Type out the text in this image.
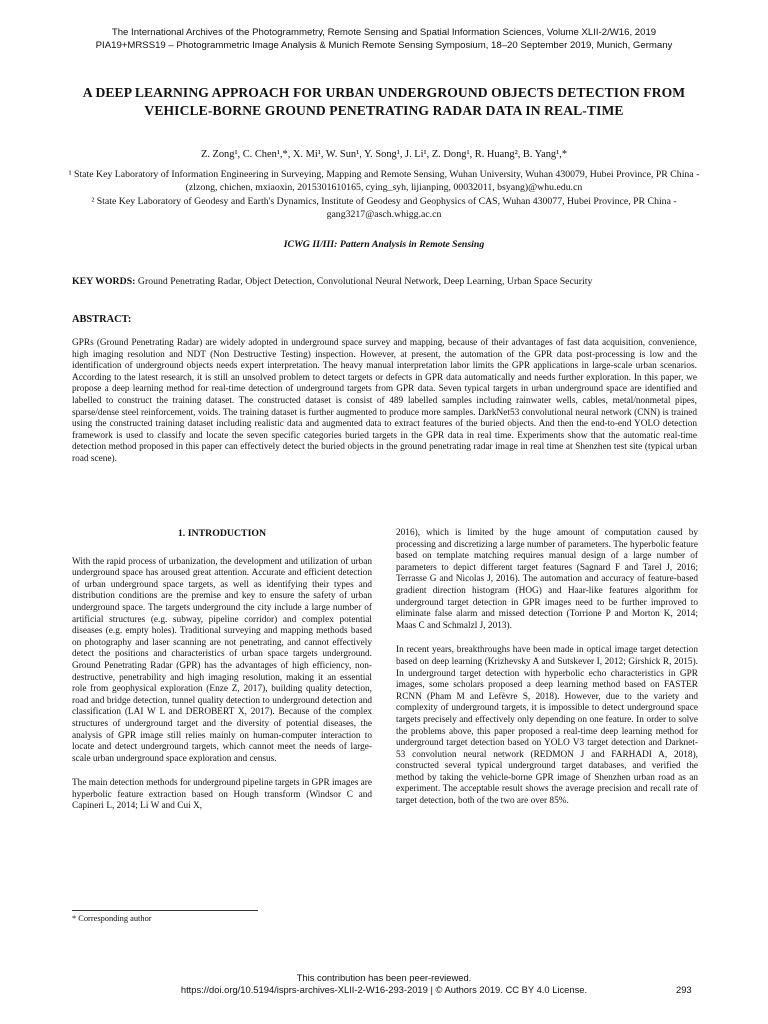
The International Archives of the Photogrammetry, Remote Sensing and Spatial Information Sciences, Volume XLII-2/W16, 2019
PIA19+MRSS19 – Photogrammetric Image Analysis & Munich Remote Sensing Symposium, 18–20 September 2019, Munich, Germany
A DEEP LEARNING APPROACH FOR URBAN UNDERGROUND OBJECTS DETECTION FROM VEHICLE-BORNE GROUND PENETRATING RADAR DATA IN REAL-TIME
Z. Zong¹, C. Chen¹,*, X. Mi¹, W. Sun¹, Y. Song¹, J. Li¹, Z. Dong¹, R. Huang², B. Yang¹,*
¹ State Key Laboratory of Information Engineering in Surveying, Mapping and Remote Sensing, Wuhan University, Wuhan 430079, Hubei Province, PR China - (zlzong, chichen, mxiaoxin, 2015301610165, cying_syh, lijianping, 00032011, bsyang)@whu.edu.cn
² State Key Laboratory of Geodesy and Earth's Dynamics, Institute of Geodesy and Geophysics of CAS, Wuhan 430077, Hubei Province, PR China - gang3217@asch.whigg.ac.cn
ICWG II/III: Pattern Analysis in Remote Sensing
KEY WORDS: Ground Penetrating Radar, Object Detection, Convolutional Neural Network, Deep Learning, Urban Space Security
ABSTRACT:

GPRs (Ground Penetrating Radar) are widely adopted in underground space survey and mapping, because of their advantages of fast data acquisition, convenience, high imaging resolution and NDT (Non Destructive Testing) inspection. However, at present, the automation of the GPR data post-processing is low and the identification of underground objects needs expert interpretation. The heavy manual interpretation labor limits the GPR applications in large-scale urban scenarios. According to the latest research, it is still an unsolved problem to detect targets or defects in GPR data automatically and needs further exploration. In this paper, we propose a deep learning method for real-time detection of underground targets from GPR data. Seven typical targets in urban underground space are identified and labelled to construct the training dataset. The constructed dataset is consist of 489 labelled samples including rainwater wells, cables, metal/nonmetal pipes, sparse/dense steel reinforcement, voids. The training dataset is further augmented to produce more samples. DarkNet53 convolutional neural network (CNN) is trained using the constructed training dataset including realistic data and augmented data to extract features of the buried objects. And then the end-to-end YOLO detection framework is used to classify and locate the seven specific categories buried targets in the GPR data in real time. Experiments show that the automatic real-time detection method proposed in this paper can effectively detect the buried objects in the ground penetrating radar image in real time at Shenzhen test site (typical urban road scene).

1. INTRODUCTION

With the rapid process of urbanization, the development and utilization of urban underground space has aroused great attention. Accurate and efficient detection of urban underground space targets, as well as identifying their types and distribution conditions are the premise and key to ensure the safety of urban underground space. The targets underground the city include a large number of artificial structures (e.g. subway, pipeline corridor) and complex potential diseases (e.g. empty holes). Traditional surveying and mapping methods based on photography and laser scanning are not penetrating, and cannot effectively detect the positions and characteristics of urban space targets underground. Ground Penetrating Radar (GPR) has the advantages of high efficiency, non-destructive, penetrability and high imaging resolution, making it an essential role from geophysical exploration (Enze Z, 2017), building quality detection, road and bridge detection, tunnel quality detection to underground detection and classification (LAI W L and DEROBERT X, 2017). Because of the complex structures of underground target and the diversity of potential diseases, the analysis of GPR image still relies mainly on human-computer interaction to locate and detect underground targets, which cannot meet the needs of large-scale urban underground space exploration and census.

The main detection methods for underground pipeline targets in GPR images are hyperbolic feature extraction based on Hough transform (Windsor C and Capineri L, 2014; Li W and Cui X,

2016), which is limited by the huge amount of computation caused by processing and discretizing a large number of parameters. The hyperbolic feature based on template matching requires manual design of a large number of parameters to depict different target features (Sagnard F and Tarel J, 2016; Terrasse G and Nicolas J, 2016). The automation and accuracy of feature-based gradient direction histogram (HOG) and Haar-like features algorithm for underground target detection in GPR images need to be further improved to eliminate false alarm and missed detection (Torrione P and Morton K, 2014; Maas C and Schmalzl J, 2013).

In recent years, breakthroughs have been made in optical image target detection based on deep learning (Krizhevsky A and Sutskever I, 2012; Girshick R, 2015). In underground target detection with hyperbolic echo characteristics in GPR images, some scholars proposed a deep learning method based on FASTER RCNN (Pham M and Lefèvre S, 2018). However, due to the variety and complexity of underground targets, it is impossible to detect underground space targets precisely and effectively only depending on one feature. In order to solve the problems above, this paper proposed a real-time deep learning method for underground target detection based on YOLO V3 target detection and Darknet-53 convolution neural network (REDMON J and FARHADI A, 2018), constructed several typical underground target databases, and verified the method by taking the vehicle-borne GPR image of Shenzhen urban road as an experiment. The acceptable result shows the average precision and recall rate of target detection, both of the two are over 85%.

* Corresponding author
This contribution has been peer-reviewed.
https://doi.org/10.5194/isprs-archives-XLII-2-W16-293-2019 | © Authors 2019. CC BY 4.0 License.	293
